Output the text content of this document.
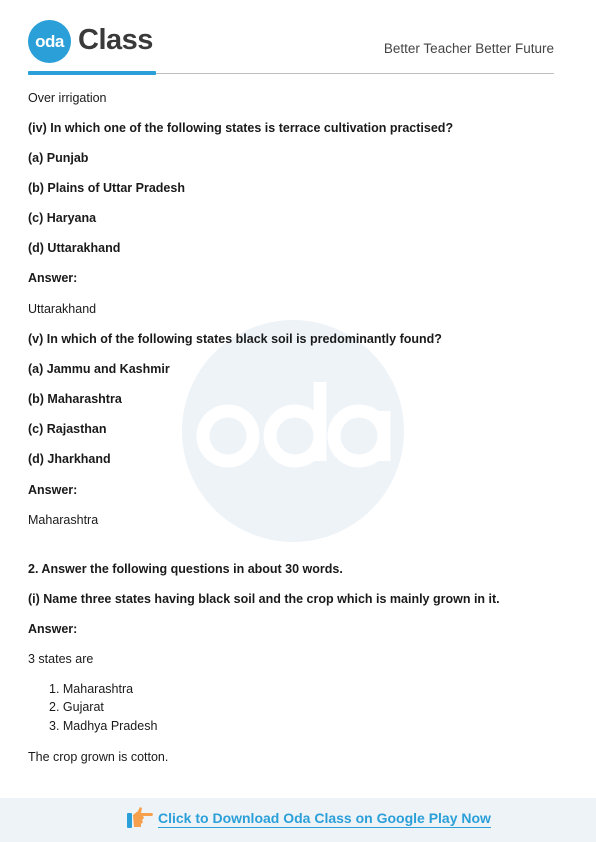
oda Class	Better Teacher Better Future
Over irrigation
(iv) In which one of the following states is terrace cultivation practised?
(a) Punjab
(b) Plains of Uttar Pradesh
(c) Haryana
(d) Uttarakhand
Answer:
Uttarakhand
(v) In which of the following states black soil is predominantly found?
(a) Jammu and Kashmir
(b) Maharashtra
(c) Rajasthan
(d) Jharkhand
Answer:
Maharashtra
2. Answer the following questions in about 30 words.
(i) Name three states having black soil and the crop which is mainly grown in it.
Answer:
3 states are
1. Maharashtra
2. Gujarat
3. Madhya Pradesh
The crop grown is cotton.
Click to Download Oda Class on Google Play Now
